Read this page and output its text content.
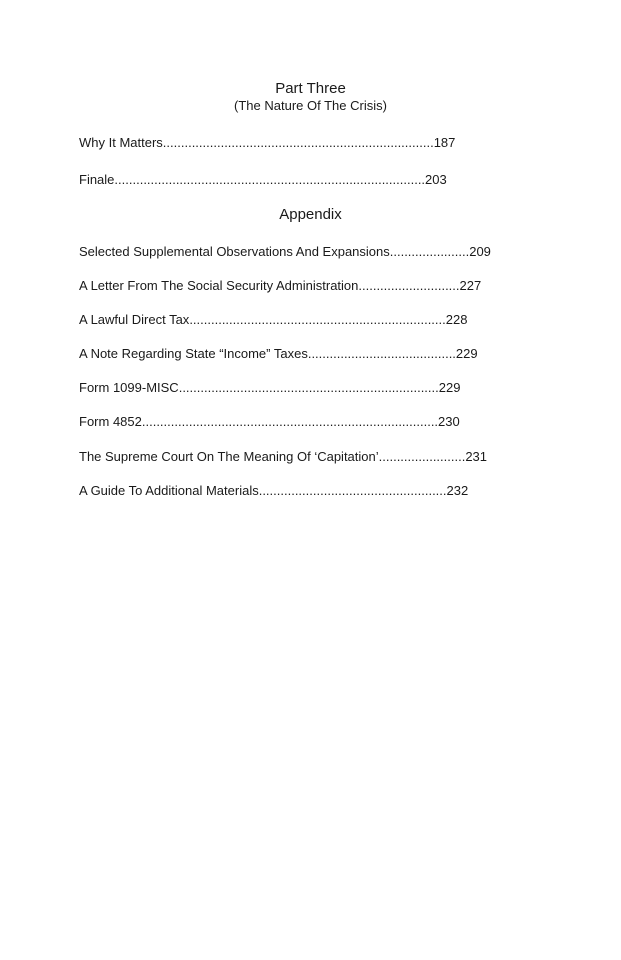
Part Three
(The Nature Of The Crisis)
Why It Matters...........................................................................187
Finale......................................................................................203
Appendix
Selected Supplemental Observations And Expansions......................209
A Letter From The Social Security Administration............................227
A Lawful Direct Tax.......................................................................228
A Note Regarding State “Income” Taxes.........................................229
Form 1099-MISC........................................................................229
Form 4852..................................................................................230
The Supreme Court On The Meaning Of ‘Capitation’........................231
A Guide To Additional Materials....................................................232
